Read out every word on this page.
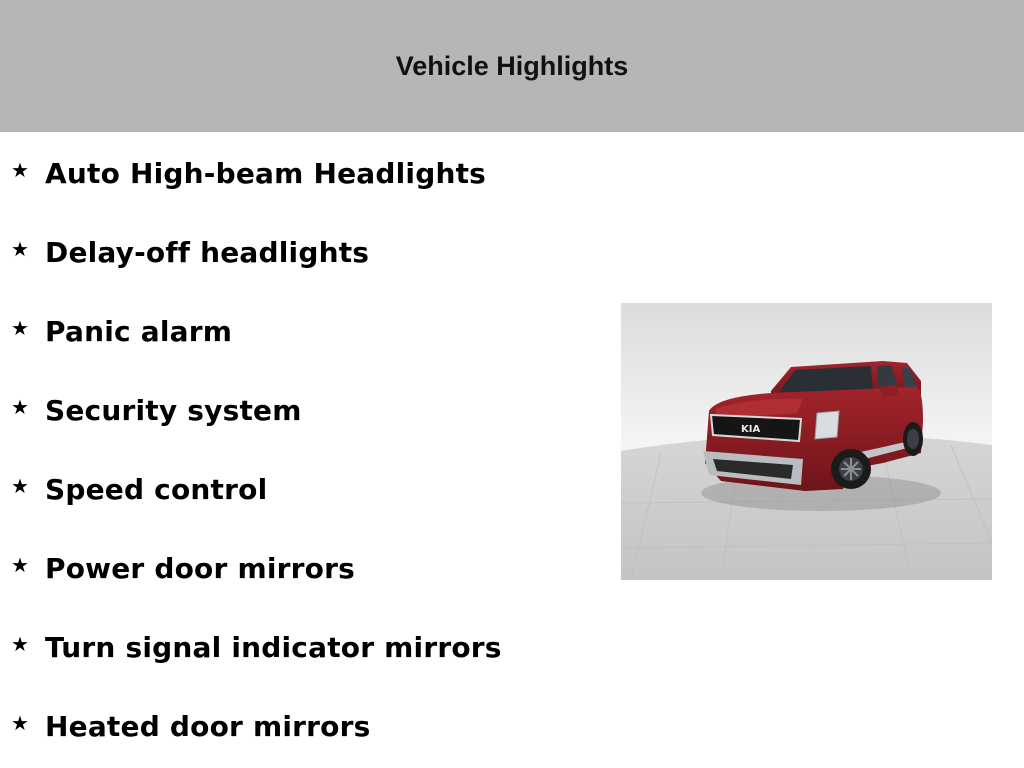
Vehicle Highlights
★ Auto High-beam Headlights
★ Delay-off headlights
★ Panic alarm
★ Security system
★ Speed control
★ Power door mirrors
★ Turn signal indicator mirrors
★ Heated door mirrors
KIA
